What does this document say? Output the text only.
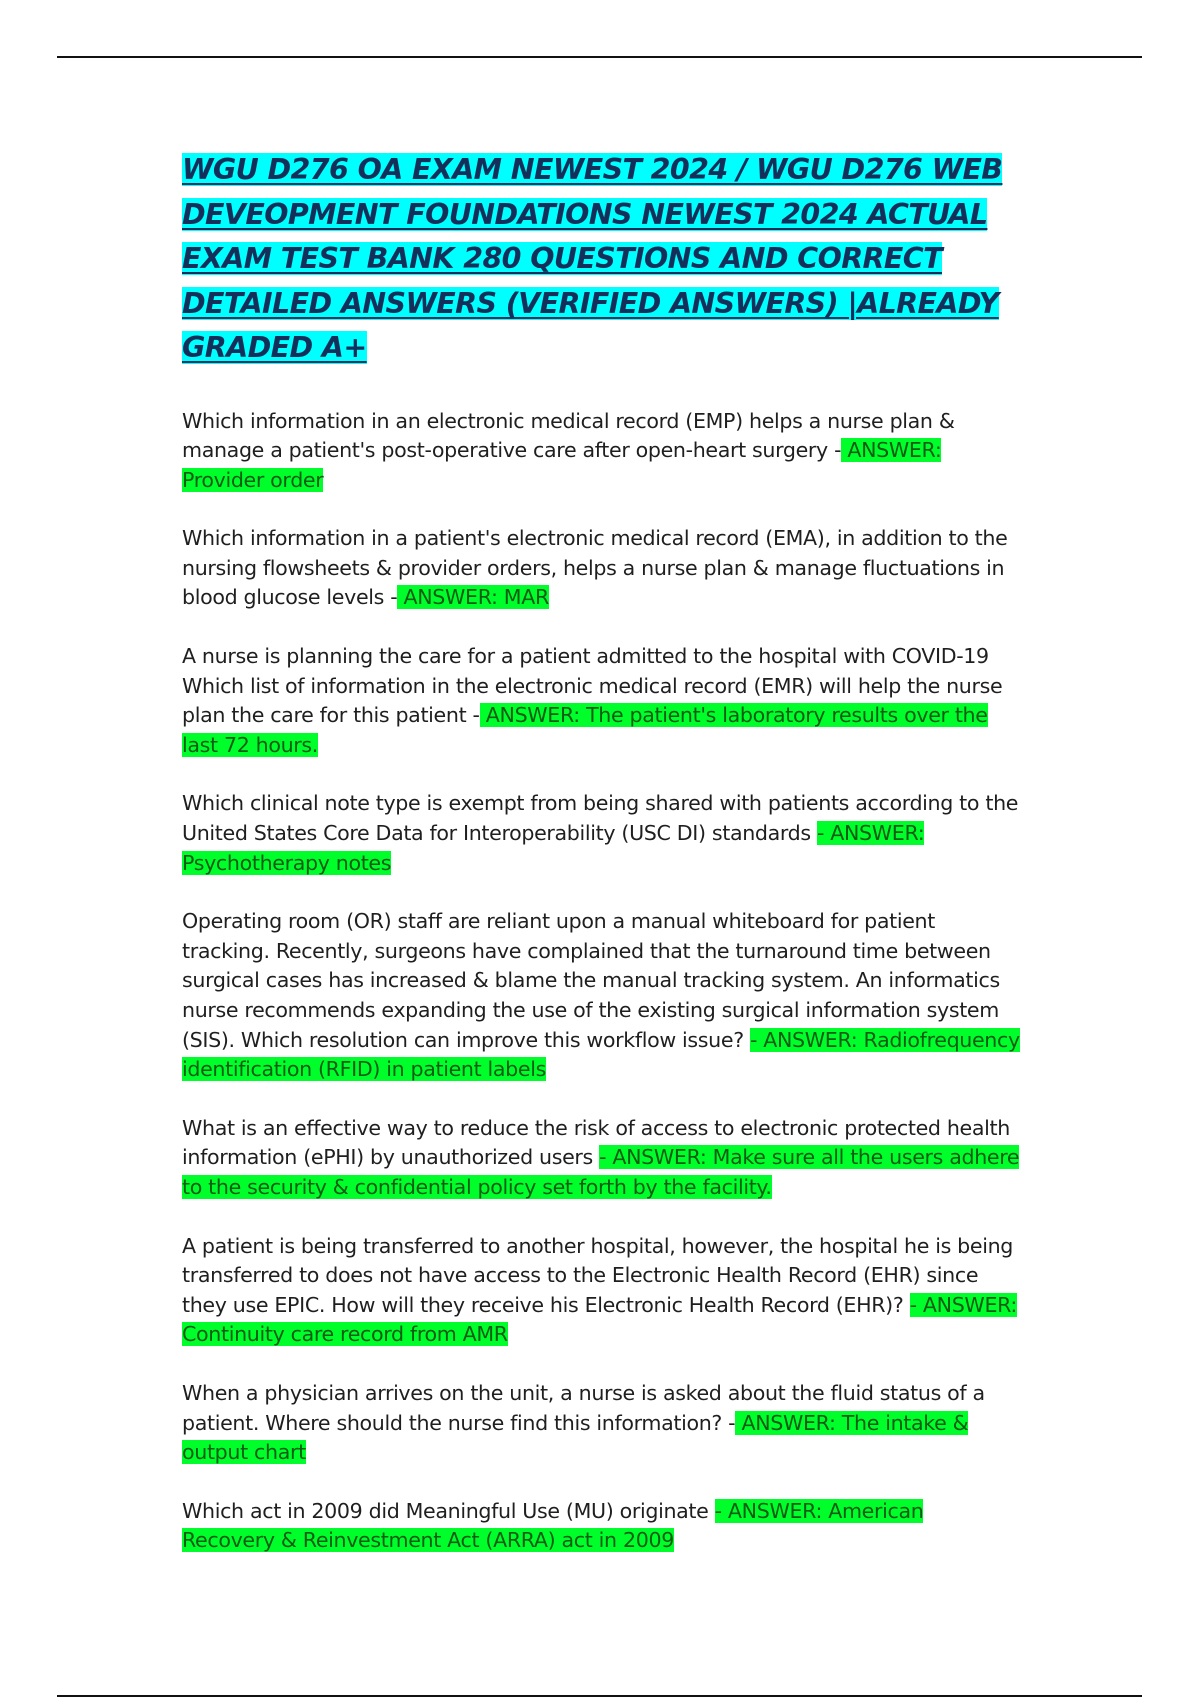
WGU D276 OA EXAM NEWEST 2024 / WGU D276 WEB DEVEOPMENT FOUNDATIONS NEWEST 2024 ACTUAL EXAM TEST BANK 280 QUESTIONS AND CORRECT DETAILED ANSWERS (VERIFIED ANSWERS) |ALREADY GRADED A+

Which information in an electronic medical record (EMP) helps a nurse plan & manage a patient's post-operative care after open-heart surgery - ANSWER: Provider order

Which information in a patient's electronic medical record (EMA), in addition to the nursing flowsheets & provider orders, helps a nurse plan & manage fluctuations in blood glucose levels - ANSWER: MAR

A nurse is planning the care for a patient admitted to the hospital with COVID-19 Which list of information in the electronic medical record (EMR) will help the nurse plan the care for this patient - ANSWER: The patient's laboratory results over the last 72 hours.

Which clinical note type is exempt from being shared with patients according to the United States Core Data for Interoperability (USC DI) standards - ANSWER: Psychotherapy notes

Operating room (OR) staff are reliant upon a manual whiteboard for patient tracking. Recently, surgeons have complained that the turnaround time between surgical cases has increased & blame the manual tracking system. An informatics nurse recommends expanding the use of the existing surgical information system (SIS). Which resolution can improve this workflow issue? - ANSWER: Radiofrequency identification (RFID) in patient labels

What is an effective way to reduce the risk of access to electronic protected health information (ePHI) by unauthorized users - ANSWER: Make sure all the users adhere to the security & confidential policy set forth by the facility.

A patient is being transferred to another hospital, however, the hospital he is being transferred to does not have access to the Electronic Health Record (EHR) since they use EPIC. How will they receive his Electronic Health Record (EHR)? - ANSWER: Continuity care record from AMR

When a physician arrives on the unit, a nurse is asked about the fluid status of a patient. Where should the nurse find this information? - ANSWER: The intake & output chart

Which act in 2009 did Meaningful Use (MU) originate - ANSWER: American Recovery & Reinvestment Act (ARRA) act in 2009
